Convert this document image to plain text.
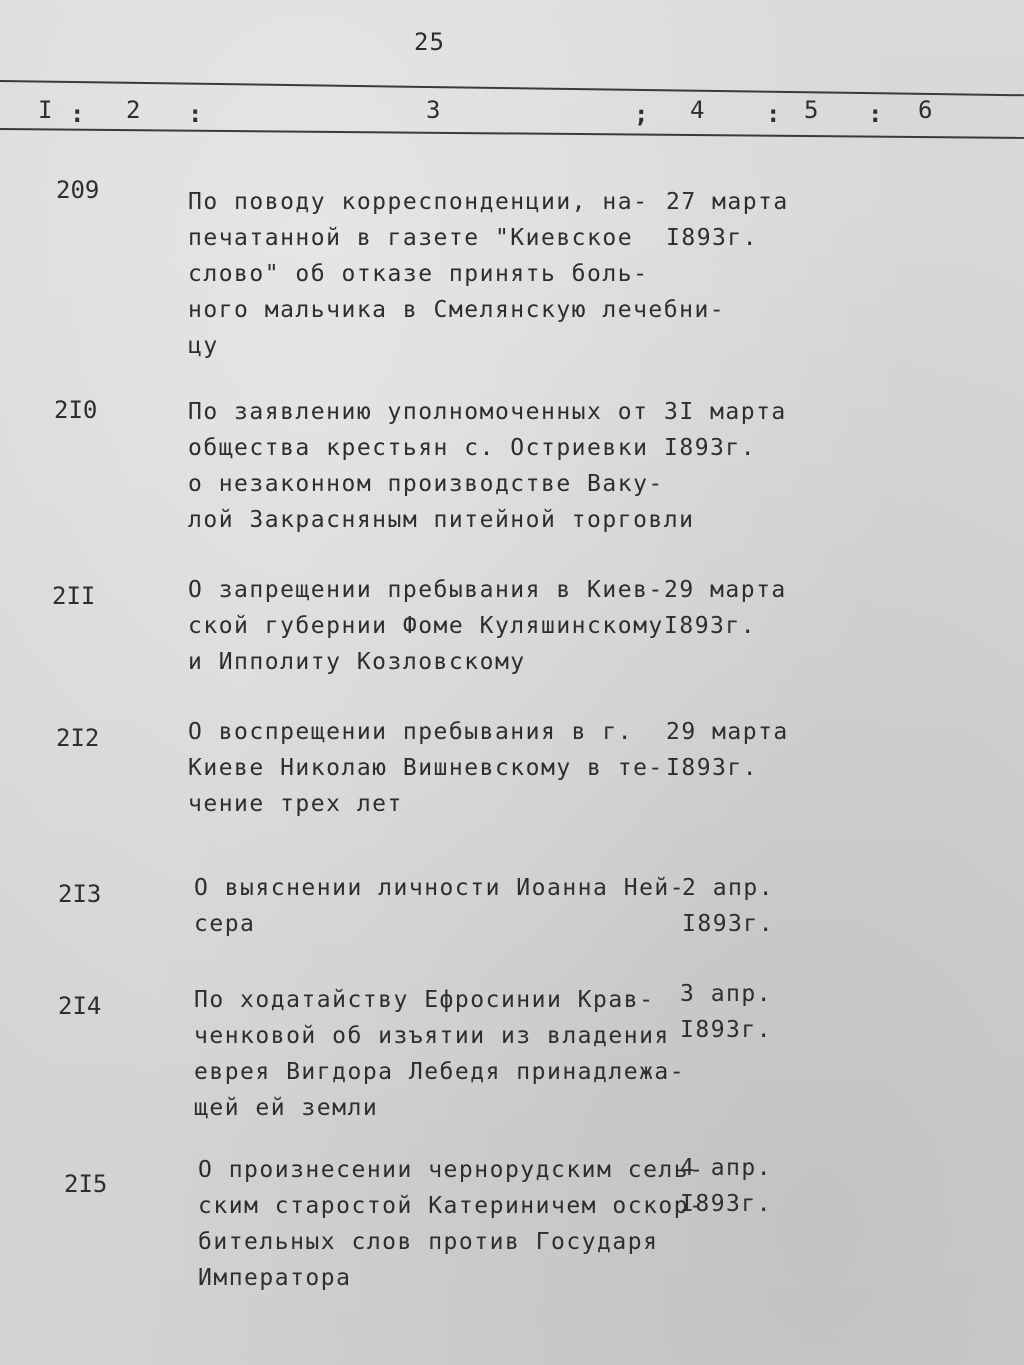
25
I : 2 :	3	; 4	: 5 : 6
209	По поводу корреспонденции, на-
печатанной в газете "Киевское
слово" об отказе принять боль-
ного мальчика в Смелянскую лечебни-
цу
27 марта
I893г.
2I0	По заявлению уполномоченных от
общества крестьян с. Остриевки
о незаконном производстве Ваку-
лой Закрасняным питейной торговли
3I марта
I893г.
2II	О запрещении пребывания в Киев-
ской губернии Фоме Куляшинскому
и Ипполиту Козловскому
29 марта
I893г.
2I2	О воспрещении пребывания в г.
Киеве Николаю Вишневскому в те-
чение трех лет
29 марта
I893г.
2I3	О выяснении личности Иоанна Ней-
сера
2 апр.
I893г.
2I4	По ходатайству Ефросинии Крав-
ченковой об изъятии из владения
еврея Вигдора Лебедя принадлежа-
щей ей земли
3 апр.
I893г.
2I5	О произнесении чернорудским сель-
ским старостой Катериничем оскор-
бительных слов против Государя
Императора
4 апр.
I893г.
